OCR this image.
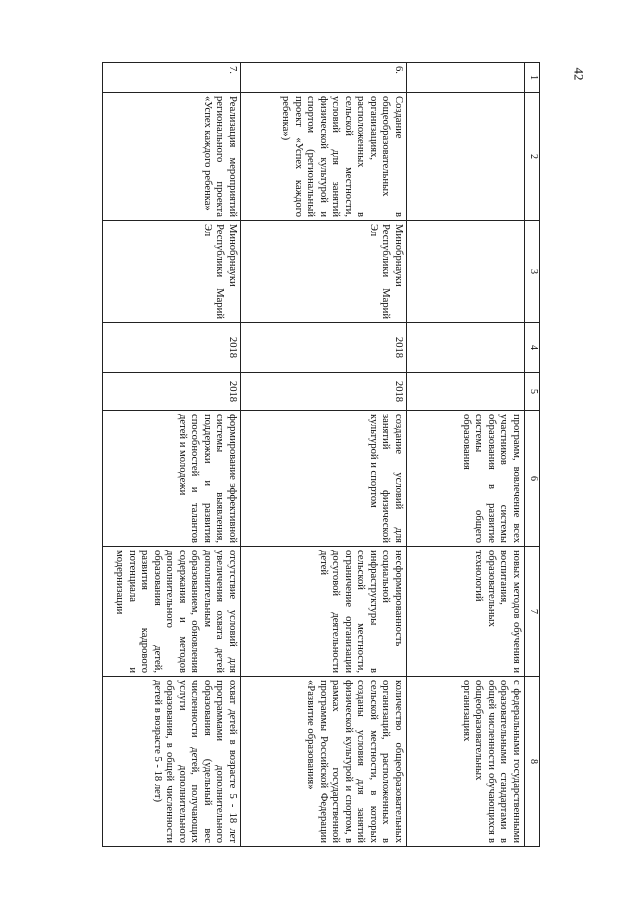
42
1	2	3	4	5	6	7	8
					программ, вовлечение всех участников системы образования в развитие системы общего образования	новых методов обучения и воспитания, образовательных технологий	с федеральными государственными образовательными стандартами в общей численности обучающихся в общеобразовательных организациях
6.	Создание в общеобразовательных организациях, расположенных в сельской местности, условий для занятий физической культурой и спортом (региональный проект «Успех каждого ребенка»)	Минобрнауки Республики Марий Эл	2018	2018	создание условий для занятий физической культурой и спортом	несформированность социальной инфраструктуры в сельской местности, ограничение организации досуговой деятельности детей	количество общеобразовательных организаций, расположенных в сельской местности, в которых созданы условия для занятий физической культурой и спортом, в рамках государственной программы Российской Федерации «Развитие образования»
7.	Реализация мероприятий регионального проекта «Успех каждого ребенка»	Минобрнауки Республики Марий Эл	2018	2018	формирование эффективной системы выявления, поддержки и развития способностей и талантов детей и молодежи	отсутствие условий для увеличения охвата детей дополнительным образованием, обновления содержания и методов дополнительного образования детей, развития кадрового потенциала и модернизации	охват детей в возрасте 5 - 18 лет программами дополнительного образования (удельный вес численности детей, получающих услуги дополнительного образования, в общей численности детей в возрасте 5 - 18 лет)
